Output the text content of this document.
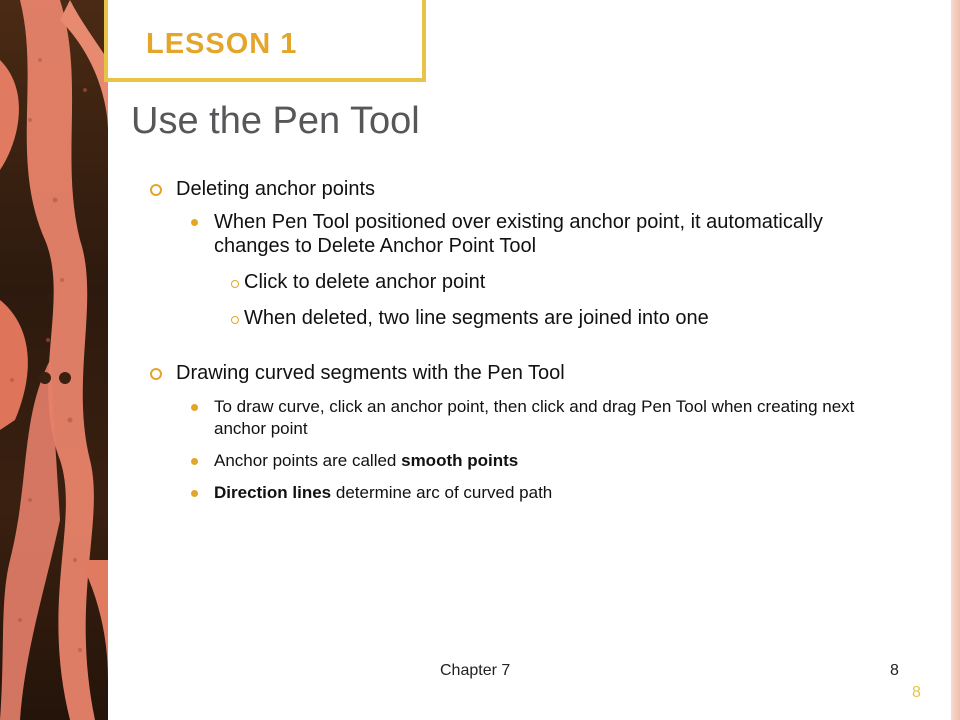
LESSON 1
Use the Pen Tool
Deleting anchor points
When Pen Tool positioned over existing anchor point, it automatically changes to Delete Anchor Point Tool
Click to delete anchor point
When deleted, two line segments are joined into one
Drawing curved segments with the Pen Tool
To draw curve, click an anchor point, then click and drag Pen Tool when creating next anchor point
Anchor points are called smooth points
Direction lines determine arc of curved path
Chapter 7	8
8
